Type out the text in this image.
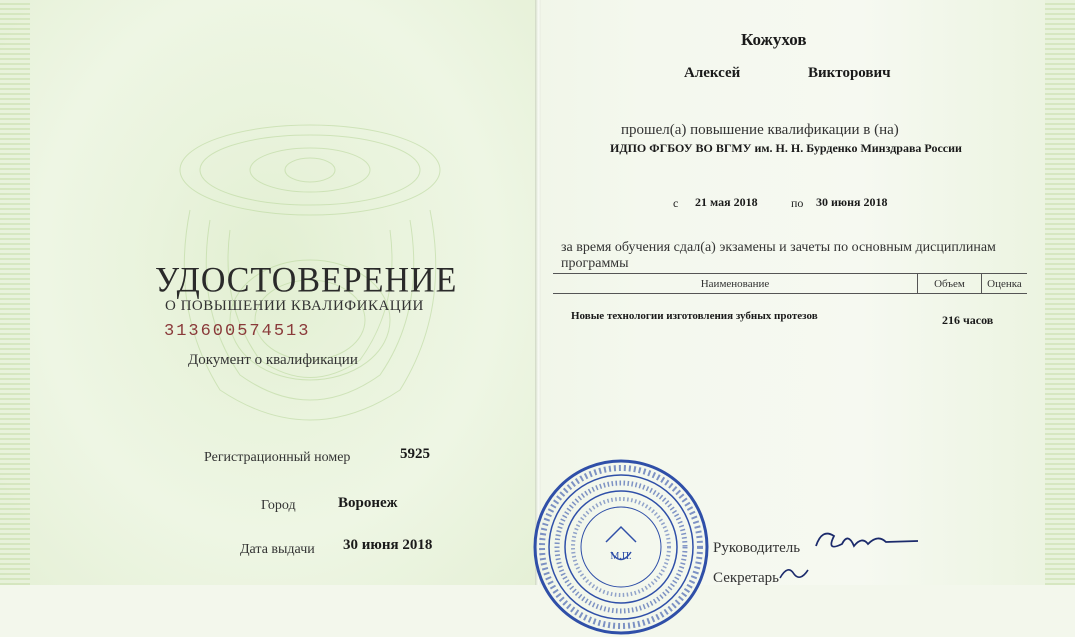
УДОСТОВЕРЕНИЕ
О ПОВЫШЕНИИ КВАЛИФИКАЦИИ
313600574513
Документ о квалификации
Регистрационный номер	5925
Город	Воронеж
Дата выдачи 30 июня 2018
Кожухов
Алексей	Викторович
прошел(а) повышение квалификации в (на)
ИДПО ФГБОУ ВО ВГМУ им. Н. Н. Бурденко Минздрава России
с 21 мая 2018	по 30 июня 2018
за время обучения сдал(а) экзамены и зачеты по основным дисциплинам
программы
Наименование	Объем	Оценка
Новые технологии изготовления зубных протезов	216 часов
М.П.
Руководитель
Секретарь
